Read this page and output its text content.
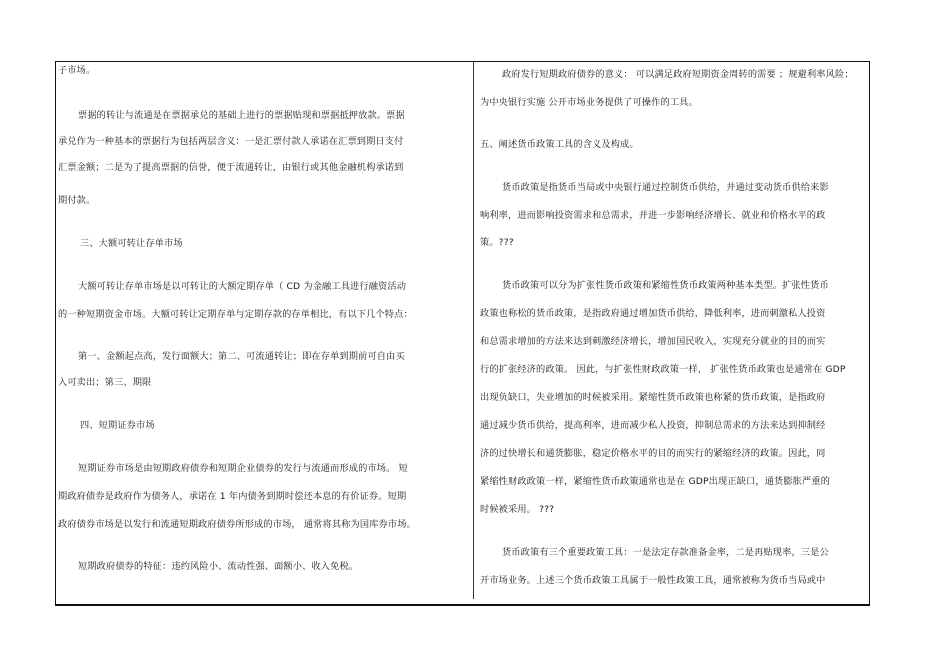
子市场。
票据的转让与流通是在票据承兑的基础上进行的票据贴现和票据抵押放款。票据
承兑作为一种基本的票据行为包括两层含义：一是汇票付款人承诺在汇票到期日支付
汇票金额；二是为了提高票据的信誉，便于流通转让，由银行或其他金融机构承诺到
期付款。
三、大额可转让存单市场
大额可转让存单市场是以可转让的大额定期存单（ CD 为金融工具进行融资活动
的一种短期资金市场。大额可转让定期存单与定期存款的存单相比，有以下几个特点：
第一、金额起点高，发行面额大；第二、可流通转让；即在存单到期前可自由买
入可卖出；第三、期限
四、短期证券市场
短期证券市场是由短期政府债券和短期企业债券的发行与流通而形成的市场。 短
期政府债券是政府作为债务人，承诺在 1 年内债务到期时偿还本息的有价证券。短期
政府债券市场是以发行和流通短期政府债券所形成的市场， 通常将其称为国库券市场。
短期政府债券的特征：违约风险小、流动性强、面额小、收入免税。
政府发行短期政府债券的意义： 可以满足政府短期资金周转的需要 ；规避利率风险；
为中央银行实施 公开市场业务提供了可操作的工具。
五、阐述货币政策工具的含义及构成。
货币政策是指货币当局或中央银行通过控制货币供给，并通过变动货币供给来影
响利率，进而影响投资需求和总需求，并进一步影响经济增长、就业和价格水平的政
策。???
货币政策可以分为扩张性货币政策和紧缩性货币政策两种基本类型。扩张性货币
政策也称松的货币政策，是指政府通过增加货币供给，降低利率，进而刺激私人投资
和总需求增加的方法来达到刺激经济增长，增加国民收入，实现充分就业的目的而实
行的扩张经济的政策。 因此，与扩张性财政政策一样， 扩张性货币政策也是通常在 GDP
出现负缺口，失业增加的时候被采用。紧缩性货币政策也称紧的货币政策，是指政府
通过减少货币供给，提高利率，进而减少私人投资，抑制总需求的方法来达到抑制经
济的过快增长和通货膨胀，稳定价格水平的目的而实行的紧缩经济的政策。因此，同
紧缩性财政政策一样，紧缩性货币政策通常也是在 GDP出现正缺口，通货膨胀严重的
时候被采用。 ???
货币政策有三个重要政策工具：一是法定存款准备金率，二是再贴现率，三是公
开市场业务。上述三个货币政策工具属于一般性政策工具，通常被称为货币当局或中
